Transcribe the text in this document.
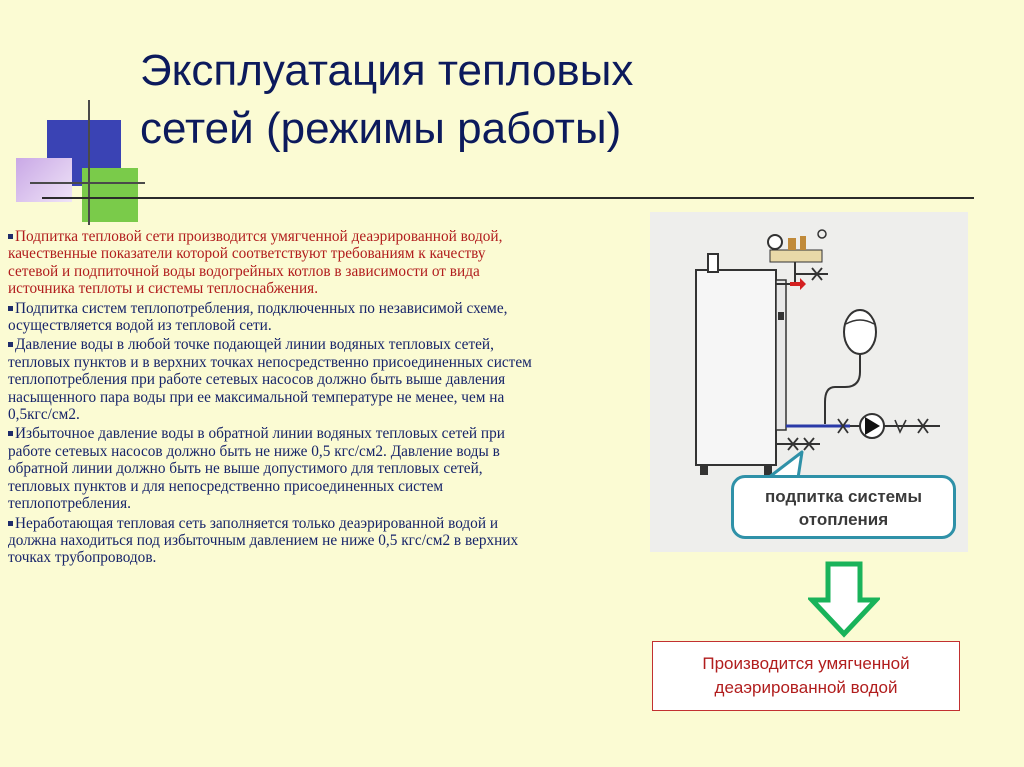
Эксплуатация тепловых
сетей (режимы работы)
Подпитка тепловой сети производится умягченной деаэрированной водой, качественные показатели которой соответствуют требованиям к качеству сетевой и подпиточной воды водогрейных котлов в зависимости от вида источника теплоты и системы теплоснабжения.
Подпитка систем теплопотребления, подключенных по независимой схеме, осуществляется водой из тепловой сети.
Давление воды в любой точке подающей линии водяных тепловых сетей, тепловых пунктов и в верхних точках непосредственно присоединенных систем теплопотребления при работе сетевых насосов должно быть выше давления насыщенного пара воды при ее максимальной температуре не менее, чем на 0,5кгс/см2.
Избыточное давление воды в обратной линии водяных тепловых сетей при работе сетевых насосов должно быть не ниже 0,5 кгс/см2. Давление воды в обратной линии должно быть не выше допустимого для тепловых сетей, тепловых пунктов и для непосредственно присоединенных систем теплопотребления.
Неработающая тепловая сеть заполняется только деаэрированной водой и должна находиться под избыточным давлением не ниже 0,5 кгс/см2 в верхних точках трубопроводов.
подпитка системы
отопления
Производится умягченной
деаэрированной водой
